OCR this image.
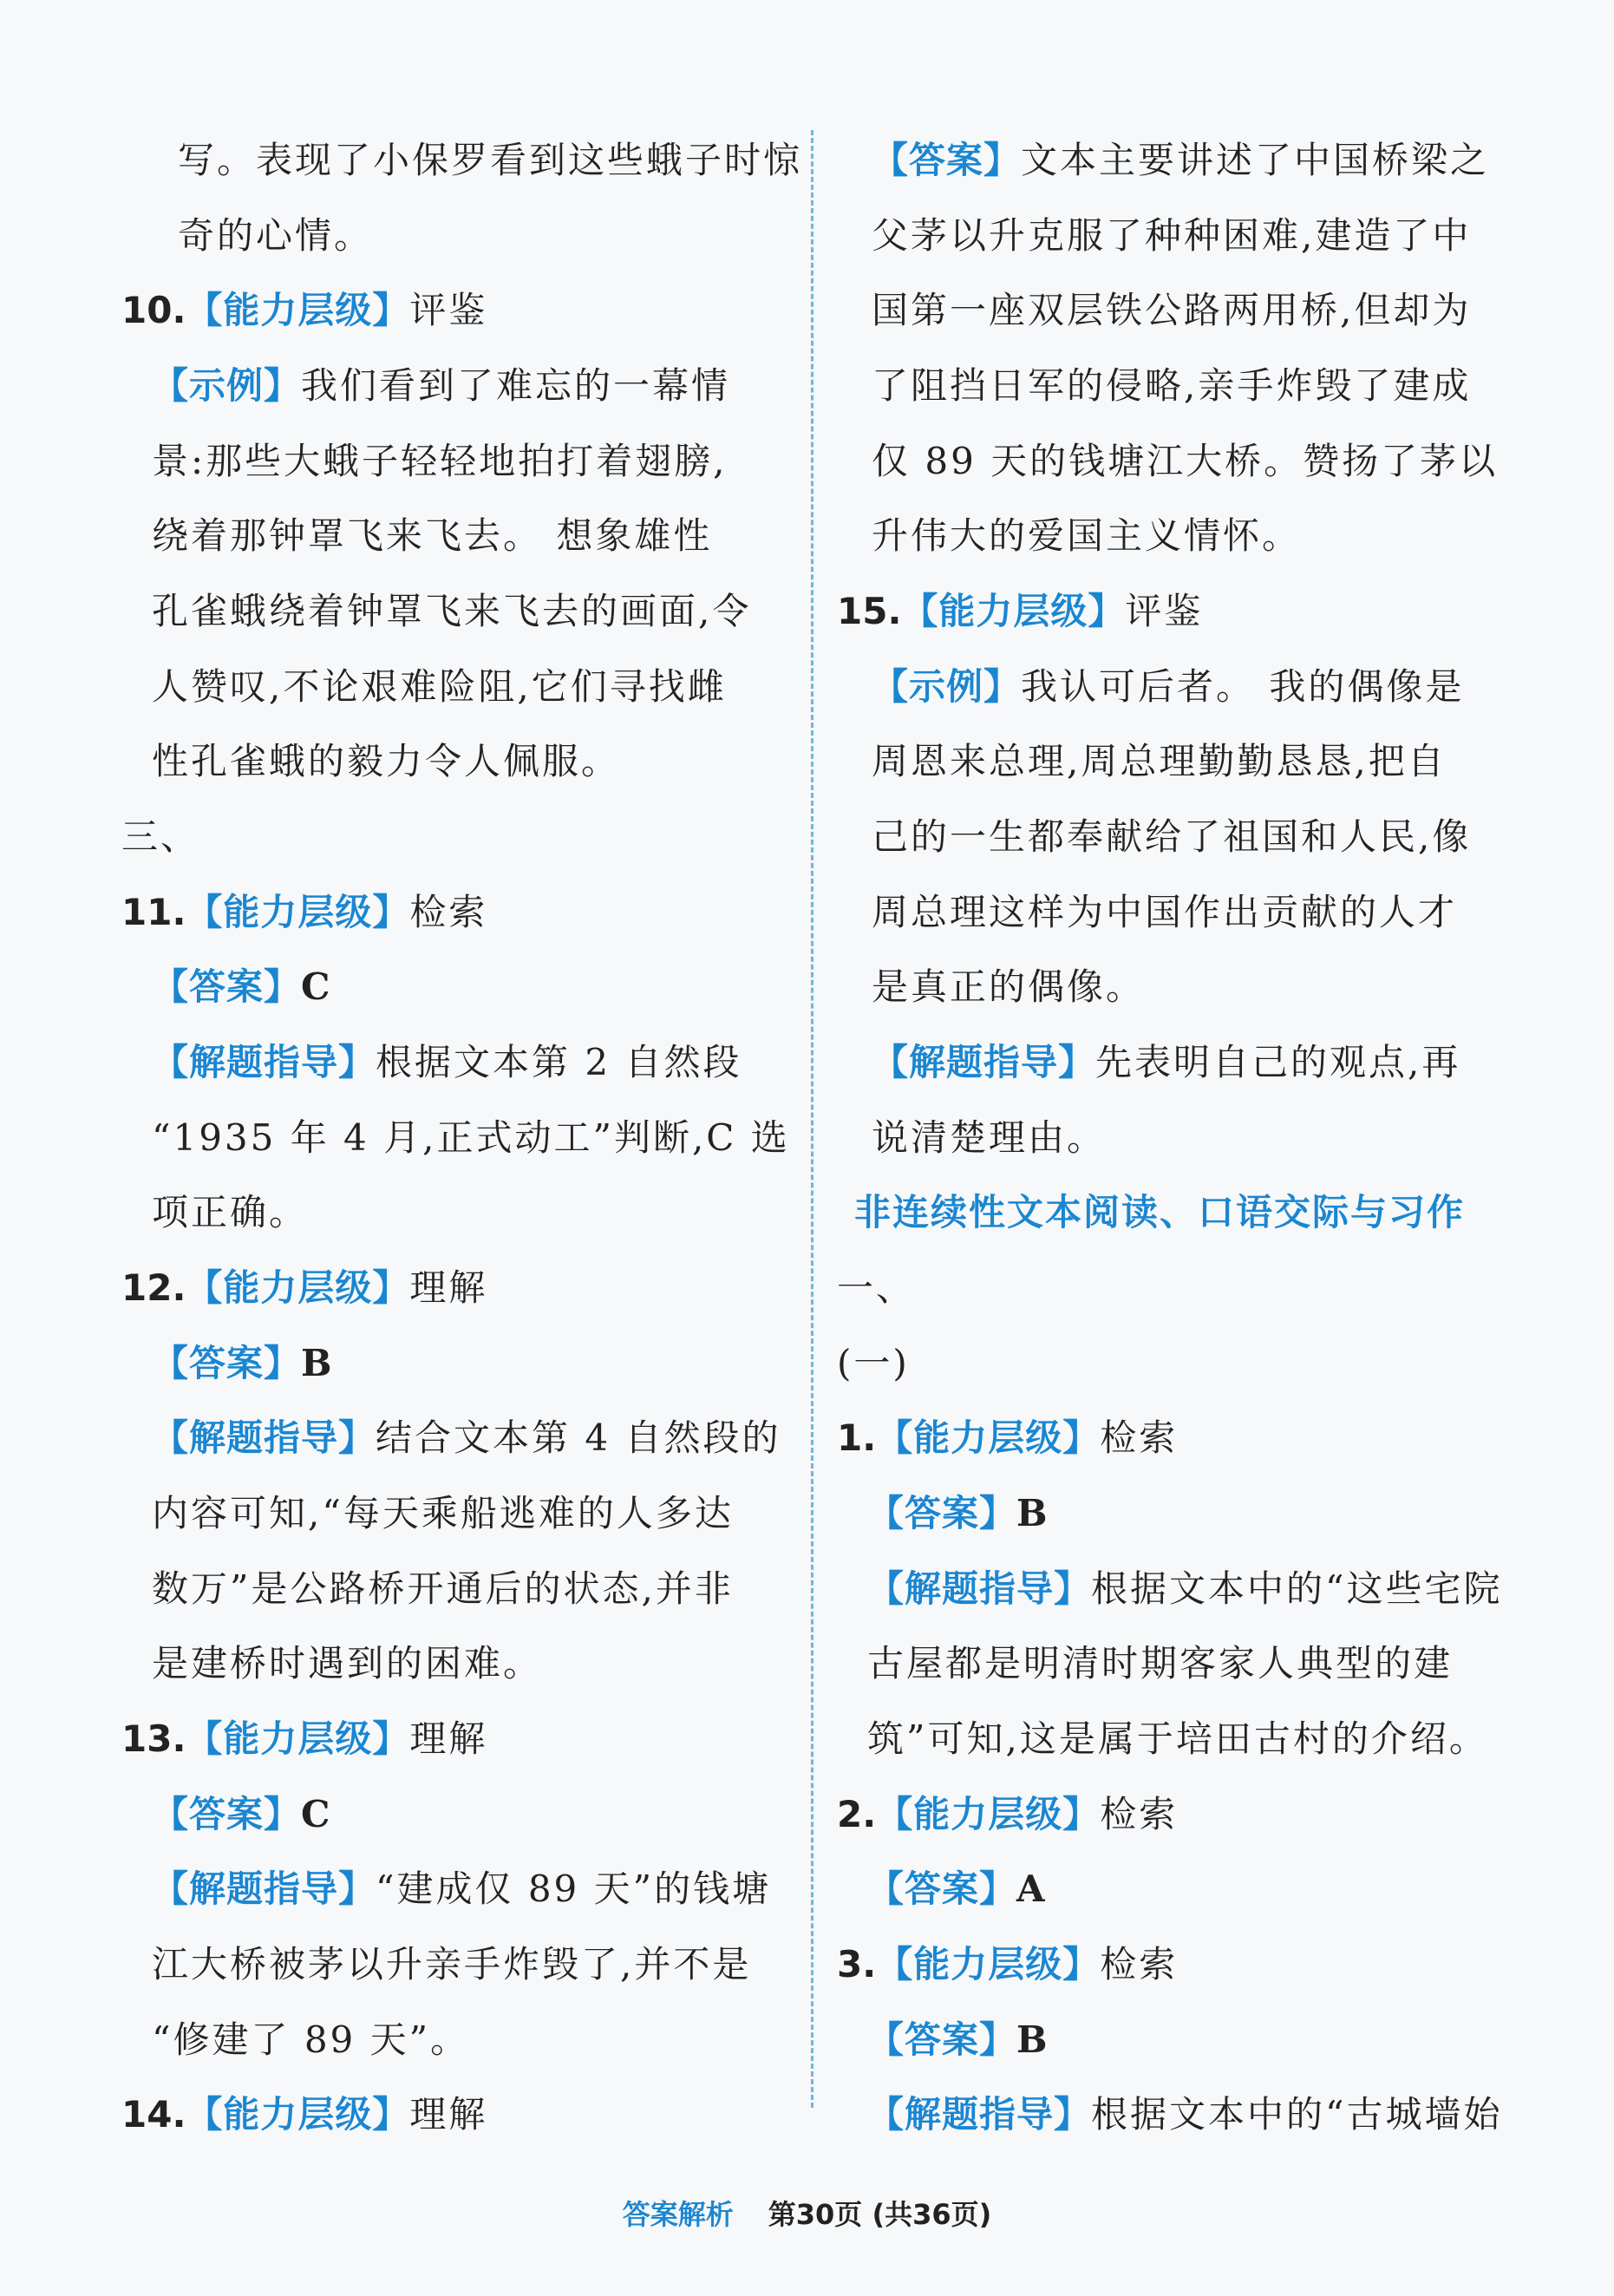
写。表现了小保罗看到这些蛾子时惊
奇的心情。
10.【能力层级】评鉴
【示例】我们看到了难忘的一幕情
景:那些大蛾子轻轻地拍打着翅膀,
绕着那钟罩飞来飞去。 想象雄性
孔雀蛾绕着钟罩飞来飞去的画面,令
人赞叹,不论艰难险阻,它们寻找雌
性孔雀蛾的毅力令人佩服。
三、
11.【能力层级】检索
【答案】C
【解题指导】根据文本第 2 自然段
“1935 年 4 月,正式动工”判断,C 选
项正确。
12.【能力层级】理解
【答案】B
【解题指导】结合文本第 4 自然段的
内容可知,“每天乘船逃难的人多达
数万”是公路桥开通后的状态,并非
是建桥时遇到的困难。
13.【能力层级】理解
【答案】C
【解题指导】“建成仅 89 天”的钱塘
江大桥被茅以升亲手炸毁了,并不是
“修建了 89 天”。
14.【能力层级】理解
【答案】文本主要讲述了中国桥梁之
父茅以升克服了种种困难,建造了中
国第一座双层铁公路两用桥,但却为
了阻挡日军的侵略,亲手炸毁了建成
仅 89 天的钱塘江大桥。赞扬了茅以
升伟大的爱国主义情怀。
15.【能力层级】评鉴
【示例】我认可后者。 我的偶像是
周恩来总理,周总理勤勤恳恳,把自
己的一生都奉献给了祖国和人民,像
周总理这样为中国作出贡献的人才
是真正的偶像。
【解题指导】先表明自己的观点,再
说清楚理由。
非连续性文本阅读、口语交际与习作
一、
(一)
1.【能力层级】检索
【答案】B
【解题指导】根据文本中的“这些宅院
古屋都是明清时期客家人典型的建
筑”可知,这是属于培田古村的介绍。
2.【能力层级】检索
【答案】A
3.【能力层级】检索
【答案】B
【解题指导】根据文本中的“古城墙始
答案解析 第30页 (共36页)
